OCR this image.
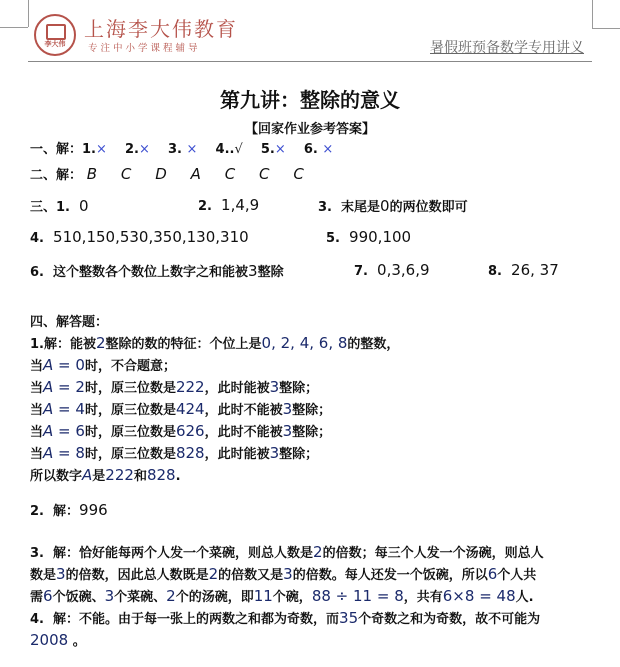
李大伟
上海李大伟教育
专注中小学课程辅导	暑假班预备数学专用讲义
第九讲：整除的意义
【回家作业参考答案】
一、解：1.×    2.×    3. ×    4..√    5.×    6. ×
二、解： B     C     D     A     C     C     C
三、1.  0	2.  1,4,9	3.  末尾是0的两位数即可
4.  510,150,530,350,130,310	5.  990,100
6.  这个整数各个数位上数字之和能被3整除	7.  0,3,6,9	8.  26, 37
四、解答题：
1.解：能被2整除的数的特征：个位上是0, 2, 4, 6, 8的整数，
当A = 0时，不合题意；
当A = 2时，原三位数是222，此时能被3整除；
当A = 4时，原三位数是424，此时不能被3整除；
当A = 6时，原三位数是626，此时不能被3整除；
当A = 8时，原三位数是828，此时能被3整除；
所以数字A是222和828.
2.  解：996
3.  解：恰好能每两个人发一个菜碗，则总人数是2的倍数；每三个人发一个汤碗，则总人
数是3的倍数，因此总人数既是2的倍数又是3的倍数。每人还发一个饭碗，所以6个人共
需6个饭碗、3个菜碗、2个的汤碗，即11个碗，88 ÷ 11 = 8，共有6×8 = 48人.
4.  解：不能。由于每一张上的两数之和都为奇数，而35个奇数之和为奇数，故不可能为
2008 。
